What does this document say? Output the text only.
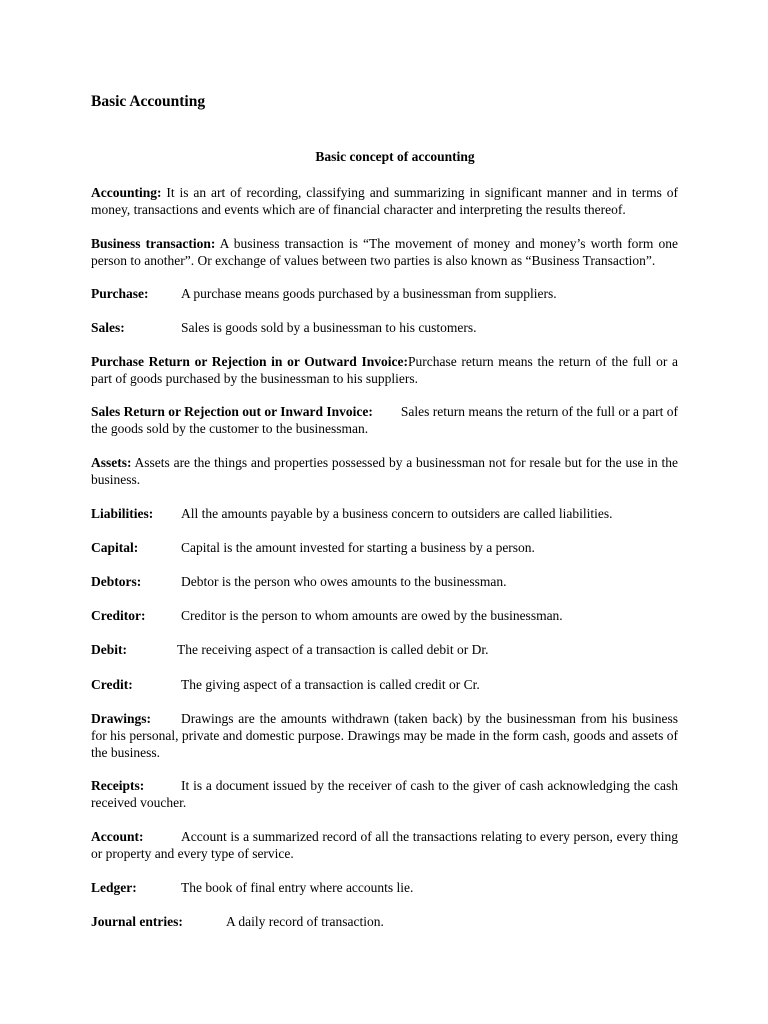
Basic Accounting
Basic concept of accounting

Accounting: It is an art of recording, classifying and summarizing in significant manner and in terms of money, transactions and events which are of financial character and interpreting the results thereof.

Business transaction: A business transaction is “The movement of money and money’s worth form one person to another”. Or exchange of values between two parties is also known as “Business Transaction”.

Purchase: A purchase means goods purchased by a businessman from suppliers.

Sales:	Sales is goods sold by a businessman to his customers.

Purchase Return or Rejection in or Outward Invoice:Purchase return means the return of the full or a part of goods purchased by the businessman to his suppliers.

Sales Return or Rejection out or Inward Invoice: Sales return means the return of the full or a part of the goods sold by the customer to the businessman.

Assets: Assets are the things and properties possessed by a businessman not for resale but for the use in the business.

Liabilities: All the amounts payable by a business concern to outsiders are called liabilities.

Capital:	Capital is the amount invested for starting a business by a person.

Debtors:	Debtor is the person who owes amounts to the businessman.

Creditor:	Creditor is the person to whom amounts are owed by the businessman.

Debit:	The receiving aspect of a transaction is called debit or Dr.

Credit:	The giving aspect of a transaction is called credit or Cr.

Drawings: Drawings are the amounts withdrawn (taken back) by the businessman from his business for his personal, private and domestic purpose. Drawings may be made in the form cash, goods and assets of the business.

Receipts:	It is a document issued by the receiver of cash to the giver of cash acknowledging the cash received voucher.

Account:	Account is a summarized record of all the transactions relating to every person, every thing or property and every type of service.

Ledger:	The book of final entry where accounts lie.

Journal entries:	A daily record of transaction.
